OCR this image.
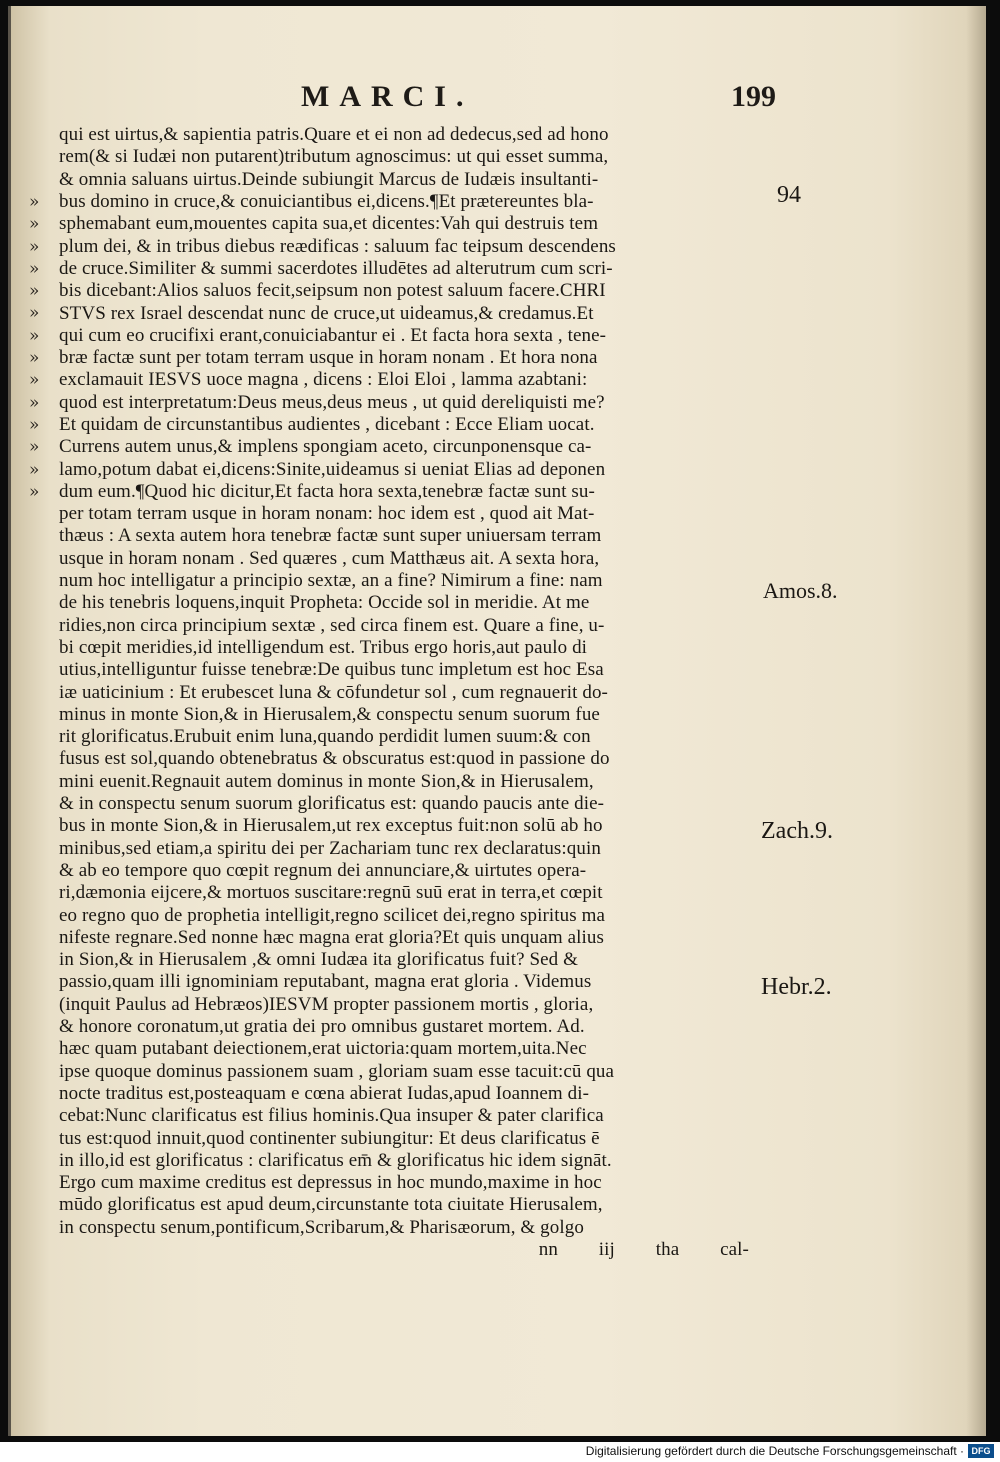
MARCI.	199
»
»
»
»
»
»
»
»
»
»
»
»
»
»
qui est uirtus,& sapientia patris.Quare et ei non ad dedecus,sed ad hono
rem(& si Iudæi non putarent)tributum agnoscimus: ut qui esset summa,
& omnia saluans uirtus.Deinde subiungit Marcus de Iudæis insultanti-
bus domino in cruce,& conuiciantibus ei,dicens.¶Et prætereuntes bla-
sphemabant eum,mouentes capita sua,et dicentes:Vah qui destruis tem
plum dei, & in tribus diebus reædificas : saluum fac teipsum descendens
de cruce.Similiter & summi sacerdotes illudētes ad alterutrum cum scri-
bis dicebant:Alios saluos fecit,seipsum non potest saluum facere.CHRI
STVS rex Israel descendat nunc de cruce,ut uideamus,& credamus.Et
qui cum eo crucifixi erant,conuiciabantur ei . Et facta hora sexta , tene-
bræ factæ sunt per totam terram usque in horam nonam . Et hora nona
exclamauit IESVS uoce magna , dicens : Eloi Eloi , lamma azabtani:
quod est interpretatum:Deus meus,deus meus , ut quid dereliquisti me?
Et quidam de circunstantibus audientes , dicebant : Ecce Eliam uocat.
Currens autem unus,& implens spongiam aceto, circunponensque ca-
lamo,potum dabat ei,dicens:Sinite,uideamus si ueniat Elias ad deponen
dum eum.¶Quod hic dicitur,Et facta hora sexta,tenebræ factæ sunt su-
per totam terram usque in horam nonam: hoc idem est , quod ait Mat-
thæus : A sexta autem hora tenebræ factæ sunt super uniuersam terram
usque in horam nonam . Sed quæres , cum Matthæus ait. A sexta hora,
num hoc intelligatur a principio sextæ, an a fine? Nimirum a fine: nam
de his tenebris loquens,inquit Propheta: Occide sol in meridie. At me
ridies,non circa principium sextæ , sed circa finem est. Quare a fine, u-
bi cœpit meridies,id intelligendum est. Tribus ergo horis,aut paulo di
utius,intelliguntur fuisse tenebræ:De quibus tunc impletum est hoc Esa
iæ uaticinium : Et erubescet luna & cōfundetur sol , cum regnauerit do-
minus in monte Sion,& in Hierusalem,& conspectu senum suorum fue
rit glorificatus.Erubuit enim luna,quando perdidit lumen suum:& con
fusus est sol,quando obtenebratus & obscuratus est:quod in passione do
mini euenit.Regnauit autem dominus in monte Sion,& in Hierusalem,
& in conspectu senum suorum glorificatus est: quando paucis ante die-
bus in monte Sion,& in Hierusalem,ut rex exceptus fuit:non solū ab ho
minibus,sed etiam,a spiritu dei per Zachariam tunc rex declaratus:quin
& ab eo tempore quo cœpit regnum dei annunciare,& uirtutes opera-
ri,dæmonia eijcere,& mortuos suscitare:regnū suū erat in terra,et cœpit
eo regno quo de prophetia intelligit,regno scilicet dei,regno spiritus ma
nifeste regnare.Sed nonne hæc magna erat gloria?Et quis unquam alius
in Sion,& in Hierusalem ,& omni Iudæa ita glorificatus fuit? Sed &
passio,quam illi ignominiam reputabant, magna erat gloria . Videmus
(inquit Paulus ad Hebræos)IESVM propter passionem mortis , gloria,
& honore coronatum,ut gratia dei pro omnibus gustaret mortem. Ad.
hæc quam putabant deiectionem,erat uictoria:quam mortem,uita.Nec
ipse quoque dominus passionem suam , gloriam suam esse tacuit:cū qua
nocte traditus est,posteaquam e cœna abierat Iudas,apud Ioannem di-
cebat:Nunc clarificatus est filius hominis.Qua insuper & pater clarifica
tus est:quod innuit,quod continenter subiungitur: Et deus clarificatus ē
in illo,id est glorificatus : clarificatus em̄ & glorificatus hic idem signāt.
Ergo cum maxime creditus est depressus in hoc mundo,maxime in hoc
mūdo glorificatus est apud deum,circunstante tota ciuitate Hierusalem,
in conspectu senum,pontificum,Scribarum,& Pharisæorum, & golgo
nn iij tha cal-
94
Amos.8.
Zach.9.
Hebr.2.
Digitalisierung gefördert durch die Deutsche Forschungsgemeinschaft · DFG
